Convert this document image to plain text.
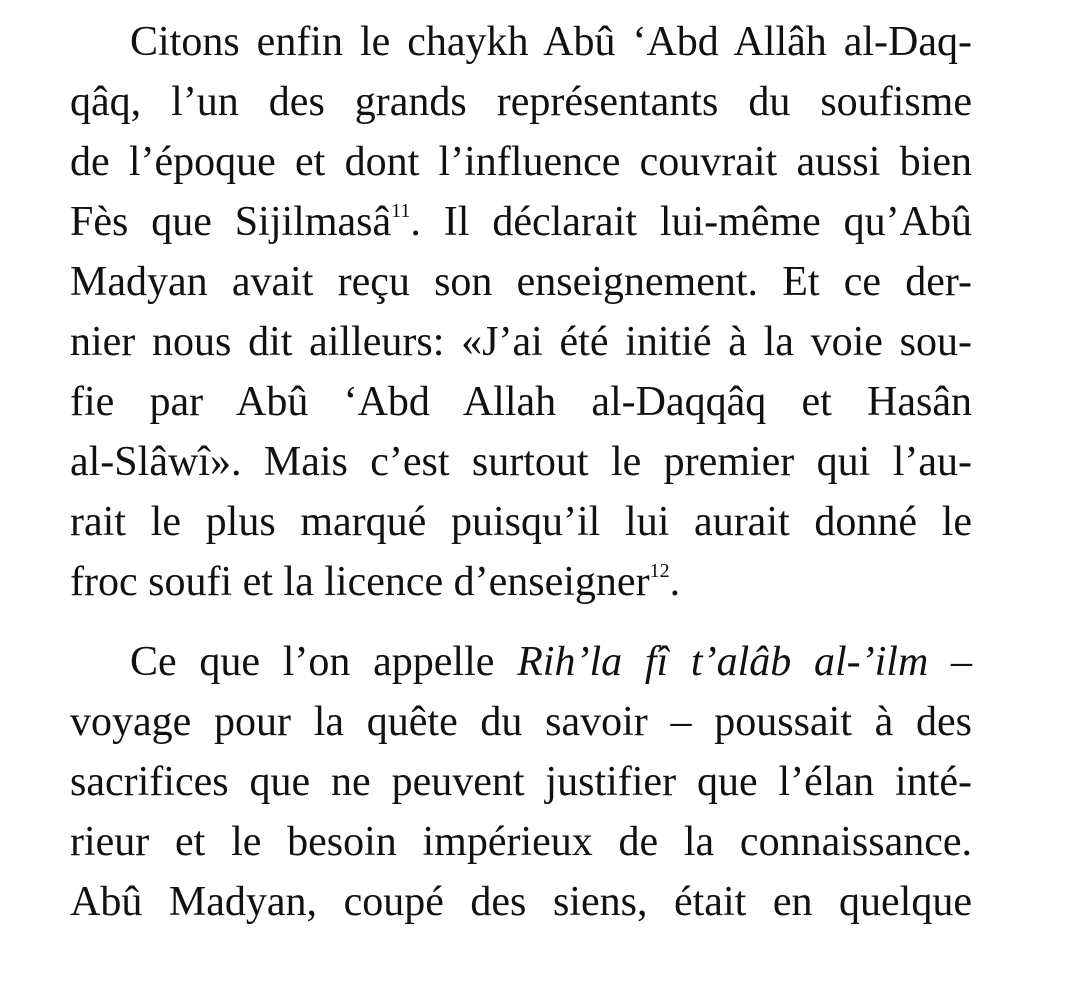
Citons enfin le chaykh Abû ‘Abd Allâh al-Daq-
qâq, l’un des grands représentants du soufisme
de l’époque et dont l’influence couvrait aussi bien
Fès que Sijilmasâ$^{11}$. Il déclarait lui-même qu’Abû
Madyan avait reçu son enseignement. Et ce der-
nier nous dit ailleurs: «J’ai été initié à la voie sou-
fie par Abû ‘Abd Allah al-Daqqâq et Hasân
al-Slâwî». Mais c’est surtout le premier qui l’au-
rait le plus marqué puisqu’il lui aurait donné le
froc soufi et la licence d’enseigner$^{12}$.
Ce que l’on appelle Rih’la fî t’alâb al-’ilm –
voyage pour la quête du savoir – poussait à des
sacrifices que ne peuvent justifier que l’élan inté-
rieur et le besoin impérieux de la connaissance.
Abû Madyan, coupé des siens, était en quelque
